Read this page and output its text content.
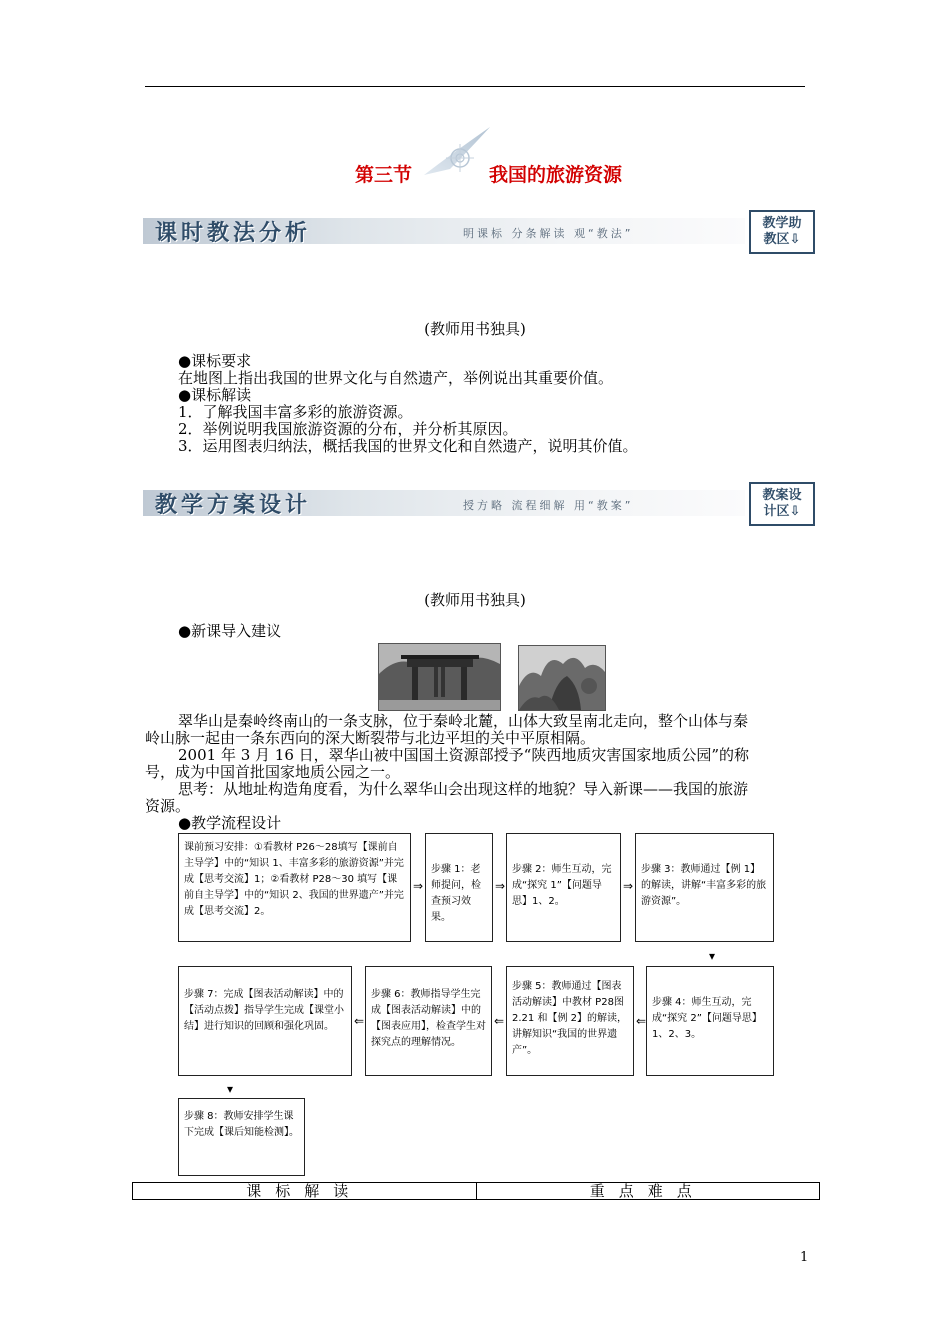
第三节	我国的旅游资源
课时教法分析	明课标 分条解读 观“教法”
教学助
教区⇩
(教师用书独具)
●课标要求
在地图上指出我国的世界文化与自然遗产，举例说出其重要价值。
●课标解读
1．了解我国丰富多彩的旅游资源。
2．举例说明我国旅游资源的分布，并分析其原因。
3．运用图表归纳法，概括我国的世界文化和自然遗产，说明其价值。
教学方案设计	授方略 流程细解 用“教案”
教案设
计区⇩
(教师用书独具)
●新课导入建议
翠华山是秦岭终南山的一条支脉，位于秦岭北麓，山体大致呈南北走向，整个山体与秦
岭山脉一起由一条东西向的深大断裂带与北边平坦的关中平原相隔。
2001 年 3 月 16 日，翠华山被中国国土资源部授予“陕西地质灾害国家地质公园”的称
号，成为中国首批国家地质公园之一。
思考：从地址构造角度看，为什么翠华山会出现这样的地貌？导入新课——我国的旅游
资源。
●教学流程设计
课前预习安排：①看教材 P26～28填写【课前自主导学】中的“知识 1、丰富多彩的旅游资源”并完成【思考交流】1；②看教材 P28～30 填写【课前自主导学】中的“知识 2、我国的世界遗产”并完成【思考交流】2。
⇒
步骤 1：老师提问，检查预习效果。
⇒
步骤 2：师生互动，完成“探究 1”【问题导思】1、2。
⇒
步骤 3：教师通过【例 1】的解读，讲解“丰富多彩的旅游资源”。
▾
步骤 7：完成【图表活动解读】中的【活动点拨】指导学生完成【课堂小结】进行知识的回顾和强化巩固。	⇐
步骤 6：教师指导学生完成【图表活动解读】中的【图表应用】，检查学生对探究点的理解情况。
⇐
步骤 5：教师通过【图表活动解读】中教材 P28图 2.21 和【例 2】的解读，讲解知识“我国的世界遗产”。
⇐
步骤 4：师生互动，完成“探究 2”【问题导思】1、2、3。
▾
步骤 8：教师安排学生课下完成【课后知能检测】。
课标解读	重点难点
1
